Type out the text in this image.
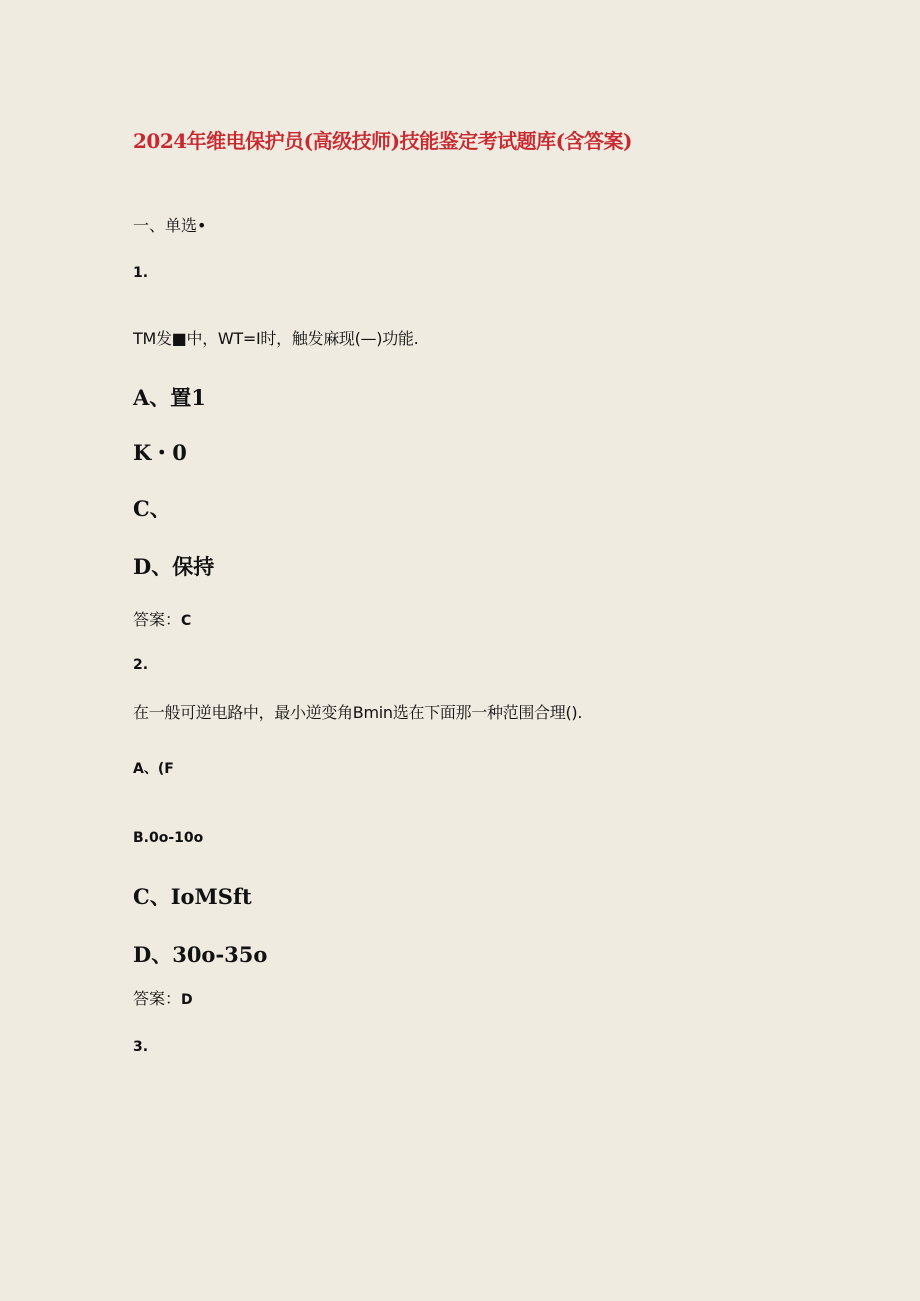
2024年维电保护员(高级技师)技能鉴定考试题库(含答案)
一、单选•
1.
TM发■中，WT=I时，触发麻现(—)功能.
A、置1
K・0
C、
D、保持
答案：C
2.
在一般可逆电路中，最小逆变角Bmin选在下面那一种范围合理().
A、(F
B.0o-10o
C、IoMSft
D、30o-35o
答案：D
3.
